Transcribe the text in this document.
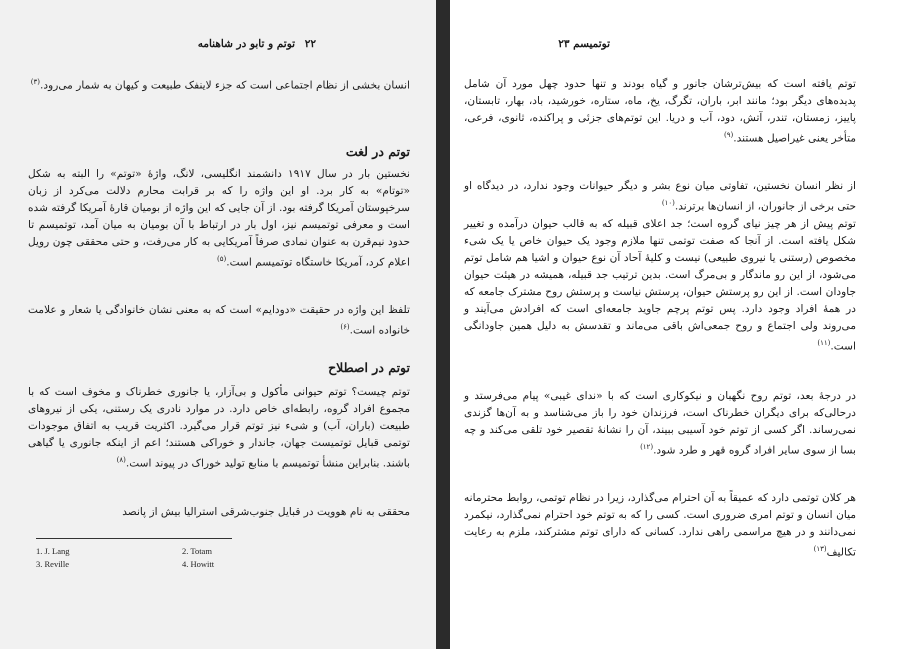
۲۲ توتم و تابو در شاهنامه

انسان بخشی از نظام اجتماعی است که جزء لاینفک طبیعت و کیهان به شمار می‌رود.$^{(۳)}$

توتم در لغت

نخستین بار در سال ۱۹۱۷ دانشمند انگلیسی، لانگ، واژهٔ «توتم» را البته به شکل «توتام» به کار برد. او این واژه را که بر قرابت محارم دلالت می‌کرد از زبان سرخپوستان آمریکا گرفته بود. از آن جایی که این واژه از بومیان قارهٔ آمریکا گرفته شده است و معرفی توتمیسم نیز، اول بار در ارتباط با آن بومیان به میان آمد، توتمیسم تا حدود نیم‌قرن به عنوان نمادی صرفاً آمریکایی به کار می‌رفت، و حتی محققی چون رویل اعلام کرد، آمریکا خاستگاه توتمیسم است.$^{(۵)}$

تلفظ این واژه در حقیقت «دودایم» است که به معنی نشان خانوادگی یا شعار و علامت خانواده است.$^{(۶)}$

توتم در اصطلاح

توتم چیست؟ توتم حیوانی مأکول و بی‌آزار، یا جانوری خطرناک و مخوف است که با مجموع افراد گروه، رابطه‌ای خاص دارد. در موارد نادری یک رستنی، یکی از نیروهای طبیعت (باران، آب) و شیء نیز توتم قرار می‌گیرد. اکثریت قریب به اتفاق موجودات توتمی قبایل توتمیست جهان، جاندار و خوراکی هستند؛ اعم از اینکه جانوری یا گیاهی باشند. بنابراین منشأ توتمیسم با منابع تولید خوراک در پیوند است.$^{(۸)}$

محققی به نام هوویت در قبایل جنوب‌شرقی استرالیا بیش از پانصد

1. J. Lang	2. Totam
3. Reville	4. Howitt
توتمیسم ۲۳

توتم یافته است که بیش‌ترشان جانور و گیاه بودند و تنها حدود چهل مورد آن شامل پدیده‌های دیگر بود؛ مانند ابر، باران، تگرگ، یخ، ماه، ستاره، خورشید، باد، بهار، تابستان، پاییز، زمستان، تندر، آتش، دود، آب و دریا. این توتم‌های جزئی و پراکنده، ثانوی، فرعی، متأخر یعنی غیراصیل هستند.$^{(۹)}$

از نظر انسان نخستین، تفاوتی میان نوع بشر و دیگر حیوانات وجود ندارد، در دیدگاه او حتی برخی از جانوران، از انسان‌ها برترند.$^{(۱۰)}$

توتم پیش از هر چیز نیای گروه است؛ جد اعلای قبیله که به قالب حیوان درآمده و تغییر شکل یافته است. از آنجا که صفت توتمی تنها ملازم وجود یک حیوان خاص یا یک شیء مخصوص (رستنی یا نیروی طبیعی) نیست و کلیهٔ آحاد آن نوع حیوان و اشیا هم شامل توتم می‌شود، از این رو ماندگار و بی‌مرگ است. بدین ترتیب جد قبیله، همیشه در هیئت حیوان جاودان است. از این رو پرستش حیوان، پرستش نیاست و پرستش روح مشترک جامعه که در همهٔ افراد وجود دارد. پس توتم پرچم جاوید جامعه‌ای است که افرادش می‌آیند و می‌روند ولی اجتماع و روح جمعی‌اش باقی می‌ماند و تقدسش به دلیل همین جاودانگی است.$^{(۱۱)}$

در درجهٔ بعد، توتم روح نگهبان و نیکوکاری است که با «ندای غیبی» پیام می‌فرستد و درحالی‌که برای دیگران خطرناک است، فرزندان خود را باز می‌شناسد و به آن‌ها گزندی نمی‌رساند. اگر کسی از توتم خود آسیبی ببیند، آن را نشانهٔ تقصیر خود تلقی می‌کند و چه بسا از سوی سایر افراد گروه قهر و طرد شود.$^{(۱۲)}$

هر کلان توتمی دارد که عمیقاً به آن احترام می‌گذارد، زیرا در نظام توتمی، روابط محترمانه میان انسان و توتم امری ضروری است. کسی را که به توتم خود احترام نمی‌گذارد، نیکمرد نمی‌دانند و در هیچ مراسمی راهی ندارد. کسانی که دارای توتم مشترکند، ملزم به رعایت تکالیف$^{(۱۳)}$
